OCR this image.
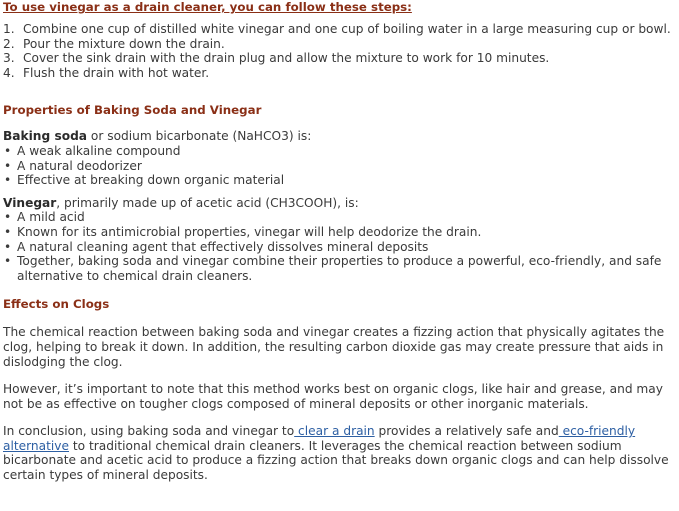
To use vinegar as a drain cleaner, you can follow these steps:
1. Combine one cup of distilled white vinegar and one cup of boiling water in a large measuring cup or bowl.
2. Pour the mixture down the drain.
3. Cover the sink drain with the drain plug and allow the mixture to work for 10 minutes.
4. Flush the drain with hot water.
Properties of Baking Soda and Vinegar

Baking soda or sodium bicarbonate (NaHCO3) is:

• A weak alkaline compound
• A natural deodorizer
• Effective at breaking down organic material

Vinegar, primarily made up of acetic acid (CH3COOH), is:

• A mild acid
• Known for its antimicrobial properties, vinegar will help deodorize the drain.
• A natural cleaning agent that effectively dissolves mineral deposits
• Together, baking soda and vinegar combine their properties to produce a powerful, eco-friendly, and safe alternative to chemical drain cleaners.
Effects on Clogs

The chemical reaction between baking soda and vinegar creates a fizzing action that physically agitates the clog, helping to break it down. In addition, the resulting carbon dioxide gas may create pressure that aids in dislodging the clog.

However, it’s important to note that this method works best on organic clogs, like hair and grease, and may not be as effective on tougher clogs composed of mineral deposits or other inorganic materials.

In conclusion, using baking soda and vinegar to clear a drain provides a relatively safe and eco-friendly alternative to traditional chemical drain cleaners. It leverages the chemical reaction between sodium bicarbonate and acetic acid to produce a fizzing action that breaks down organic clogs and can help dissolve certain types of mineral deposits.
